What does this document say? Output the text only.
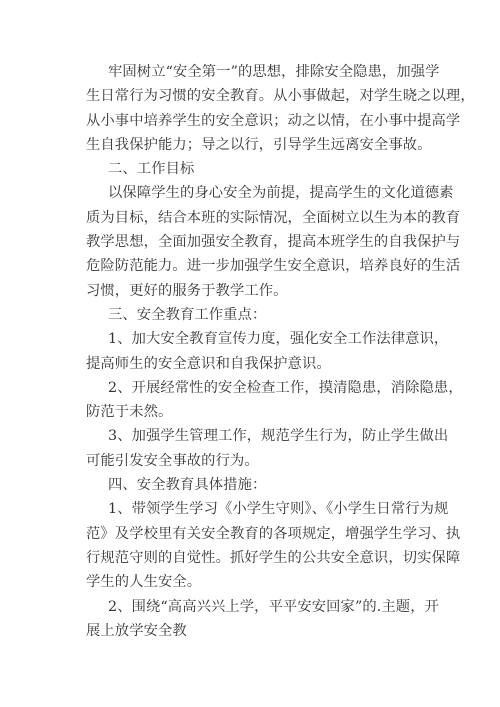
牢固树立“安全第一”的思想，排除安全隐患，加强学
生日常行为习惯的安全教育。从小事做起，对学生晓之以理，
从小事中培养学生的安全意识；动之以情，在小事中提高学
生自我保护能力；导之以行，引导学生远离安全事故。
二、工作目标
以保障学生的身心安全为前提，提高学生的文化道德素
质为目标，结合本班的实际情况，全面树立以生为本的教育
教学思想，全面加强安全教育，提高本班学生的自我保护与
危险防范能力。进一步加强学生安全意识，培养良好的生活
习惯，更好的服务于教学工作。
三、安全教育工作重点：
1、加大安全教育宣传力度，强化安全工作法律意识，
提高师生的安全意识和自我保护意识。
2、开展经常性的安全检查工作，摸清隐患，消除隐患，
防范于未然。
3、加强学生管理工作，规范学生行为，防止学生做出
可能引发安全事故的行为。
四、安全教育具体措施：
1、带领学生学习《小学生守则》、《小学生日常行为规
范》及学校里有关安全教育的各项规定，增强学生学习、执
行规范守则的自觉性。抓好学生的公共安全意识，切实保障
学生的人生安全。
2、围绕“高高兴兴上学，平平安安回家”的.主题，开
展上放学安全教
